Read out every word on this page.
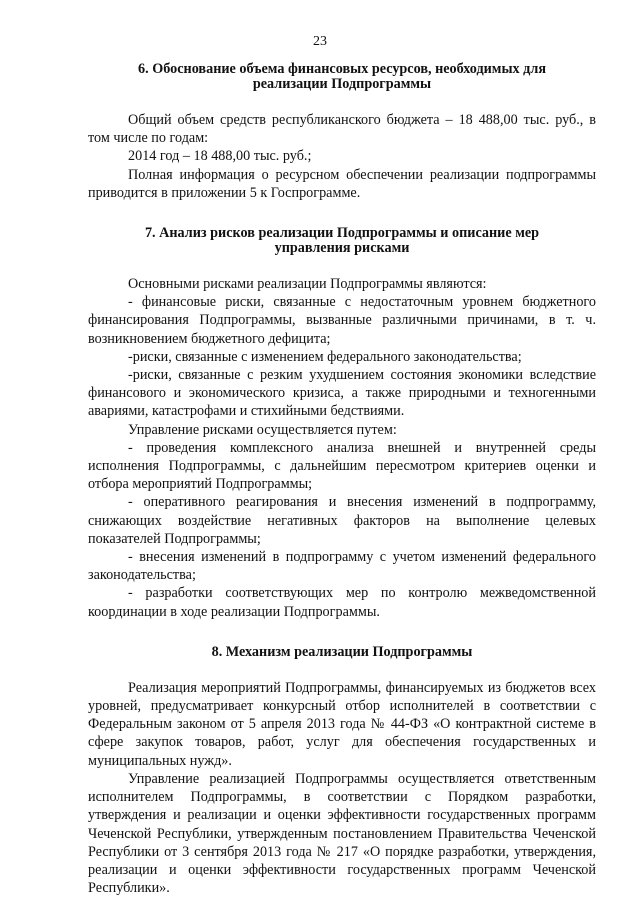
23
6. Обоснование объема финансовых ресурсов, необходимых для
реализации Подпрограммы

Общий объем средств республиканского бюджета – 18 488,00 тыс. руб., в том числе по годам:

2014 год – 18 488,00 тыс. руб.;

Полная информация о ресурсном обеспечении реализации подпрограммы приводится в приложении 5 к Госпрограмме.

7. Анализ рисков реализации Подпрограммы и описание мер
управления рисками

Основными рисками реализации Подпрограммы являются:

- финансовые риски, связанные с недостаточным уровнем бюджетного финансирования Подпрограммы, вызванные различными причинами, в т. ч. возникновением бюджетного дефицита;

-риски, связанные с изменением федерального законодательства;

-риски, связанные с резким ухудшением состояния экономики вследствие финансового и экономического кризиса, а также природными и техногенными авариями, катастрофами и стихийными бедствиями.

Управление рисками осуществляется путем:

- проведения комплексного анализа внешней и внутренней среды исполнения Подпрограммы, с дальнейшим пересмотром критериев оценки и отбора мероприятий Подпрограммы;

- оперативного реагирования и внесения изменений в подпрограмму, снижающих воздействие негативных факторов на выполнение целевых показателей Подпрограммы;

- внесения изменений в подпрограмму с учетом изменений федерального законодательства;

- разработки соответствующих мер по контролю межведомственной координации в ходе реализации Подпрограммы.

8. Механизм реализации Подпрограммы

Реализация мероприятий Подпрограммы, финансируемых из бюджетов всех уровней, предусматривает конкурсный отбор исполнителей в соответствии с Федеральным законом от 5 апреля 2013 года № 44-ФЗ «О контрактной системе в сфере закупок товаров, работ, услуг для обеспечения государственных и муниципальных нужд».

Управление реализацией Подпрограммы осуществляется ответственным исполнителем Подпрограммы, в соответствии с Порядком разработки, утверждения и реализации и оценки эффективности государственных программ Чеченской Республики, утвержденным постановлением Правительства Чеченской Республики от 3 сентября 2013 года № 217 «О порядке разработки, утверждения, реализации и оценки эффективности государственных программ Чеченской Республики».
